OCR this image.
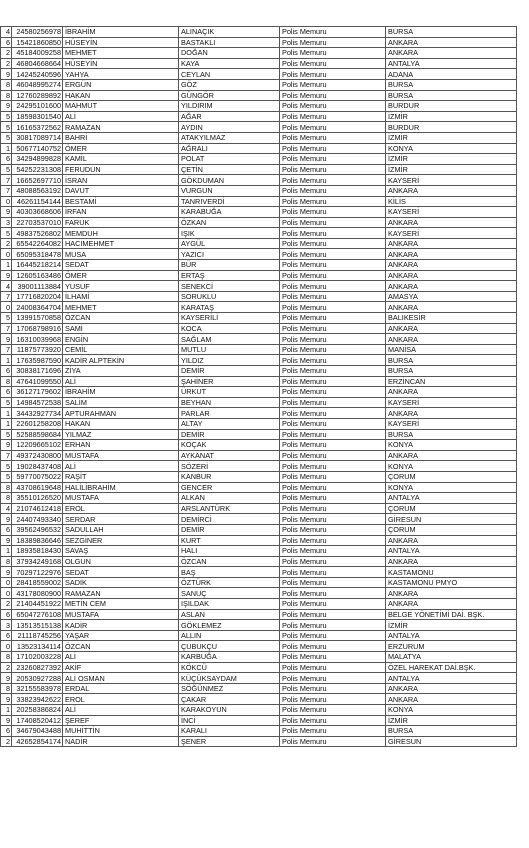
4	24580256978	İBRAHİM	ALINAÇIK	Polis Memuru	BURSA
6	15421860850	HÜSEYİN	BASTAKLI	Polis Memuru	ANKARA
2	45184009258	MEHMET	DOĞAN	Polis Memuru	ANKARA
2	46804668664	HÜSEYİN	KAYA	Polis Memuru	ANTALYA
9	14245240596	YAHYA	CEYLAN	Polis Memuru	ADANA
8	46048995274	ERGÜN	GÖZ	Polis Memuru	BURSA
8	12760289892	HAKAN	GÜNGÖR	Polis Memuru	BURSA
9	24295101600	MAHMUT	YILDIRIM	Polis Memuru	BURDUR
5	18598301540	ALİ	AĞAR	Polis Memuru	İZMİR
5	16165372562	RAMAZAN	AYDIN	Polis Memuru	BURDUR
5	30817089714	BAHRİ	ATAKYILMAZ	Polis Memuru	İZMİR
1	50677140752	ÖMER	AĞRALI	Polis Memuru	KONYA
6	34294899828	KAMİL	POLAT	Polis Memuru	İZMİR
5	54252231308	FERUDUN	ÇETİN	Polis Memuru	İZMİR
7	16652697710	İSRAN	GÖKDUMAN	Polis Memuru	KAYSERİ
7	48088563192	DAVUT	VURGUN	Polis Memuru	ANKARA
0	46261154144	BESTAMİ	TANRIVERDİ	Polis Memuru	KİLİS
9	40303668606	İRFAN	KARABUĞA	Polis Memuru	KAYSERİ
3	22703537010	FARUK	ÖZKAN	Polis Memuru	ANKARA
5	49837526802	MEMDUH	IŞIK	Polis Memuru	KAYSERİ
2	65542264082	HACIMEHMET	AYGÜL	Polis Memuru	ANKARA
0	65095318478	MUSA	YAZICI	Polis Memuru	ANKARA
1	16445218214	SEDAT	BÜR	Polis Memuru	ANKARA
9	12605163486	ÖMER	ERTAŞ	Polis Memuru	ANKARA
4	39001113884	YUSUF	SENEKCİ	Polis Memuru	ANKARA
7	17716820204	İLHAMİ	SORUKLU	Polis Memuru	AMASYA
0	24008364704	MEHMET	KARATAŞ	Polis Memuru	ANKARA
5	13991570858	ÖZCAN	KAYSERİLİ	Polis Memuru	BALIKESİR
7	17068798916	SAMİ	KOCA	Polis Memuru	ANKARA
9	16310039968	ENGİN	SAĞLAM	Polis Memuru	ANKARA
7	11875773920	CEMİL	MUTLU	Polis Memuru	MANİSA
1	17635987590	KADİR ALPTEKİN	YILDIZ	Polis Memuru	BURSA
6	30838171696	ZİYA	DEMİR	Polis Memuru	BURSA
8	47641099550	ALİ	ŞAHİNER	Polis Memuru	ERZİNCAN
6	36127179602	İBRAHİM	ÜRKUT	Polis Memuru	ANKARA
5	14984572538	SALİM	BEYHAN	Polis Memuru	KAYSERİ
1	34432927734	APTURAHMAN	PARLAR	Polis Memuru	ANKARA
1	22601258208	HAKAN	ALTAY	Polis Memuru	KAYSERİ
5	52588598684	YILMAZ	DEMİR	Polis Memuru	BURSA
9	12209665102	ERHAN	KOÇAK	Polis Memuru	KONYA
7	49372430800	MUSTAFA	AYKANAT	Polis Memuru	ANKARA
5	19028437408	ALİ	SÖZERİ	Polis Memuru	KONYA
5	59770075022	RAŞİT	KANBUR	Polis Memuru	ÇORUM
8	43708619648	HALİLİBRAHİM	GENCER	Polis Memuru	KONYA
8	35510126520	MUSTAFA	ALKAN	Polis Memuru	ANTALYA
4	21074612418	EROL	ARSLANTÜRK	Polis Memuru	ÇORUM
9	24407493340	SERDAR	DEMİRCİ	Polis Memuru	GİRESUN
6	39562496532	SADULLAH	DEMİR	Polis Memuru	ÇORUM
9	18389836646	SEZGİNER	KURT	Polis Memuru	ANKARA
1	18935818430	SAVAŞ	HALI	Polis Memuru	ANTALYA
8	37934249168	OLGUN	ÖZCAN	Polis Memuru	ANKARA
9	70297122976	SEDAT	BAŞ	Polis Memuru	KASTAMONU
0	28418559002	SADIK	ÖZTÜRK	Polis Memuru	KASTAMONU PMYO
0	43178080900	RAMAZAN	SANUÇ	Polis Memuru	ANKARA
2	21404451922	METİN CEM	IŞILDAK	Polis Memuru	ANKARA
6	65047276108	MUSTAFA	ASLAN	Polis Memuru	BELGE YÖNETİMİ DAİ. BŞK.
3	13513515138	KADİR	GÖKLEMEZ	Polis Memuru	İZMİR
6	21118745256	YAŞAR	ALLIN	Polis Memuru	ANTALYA
0	13523134114	ÖZCAN	ÇUBUKÇU	Polis Memuru	ERZURUM
8	17102003228	ALİ	KARBUĞA	Polis Memuru	MALATYA
2	23260827392	AKİF	KÖKCÜ	Polis Memuru	ÖZEL HAREKAT DAİ.BŞK.
9	20530927288	ALİ OSMAN	KÜÇÜKSAYDAM	Polis Memuru	ANTALYA
8	32155583978	ERDAL	SÖĞÜNMEZ	Polis Memuru	ANKARA
9	33823942622	EROL	ÇAKAR	Polis Memuru	ANKARA
1	20258386824	ALİ	KARAKOYUN	Polis Memuru	KONYA
9	17408520412	ŞEREF	İNCİ	Polis Memuru	İZMİR
6	34679043488	MUHİTTİN	KARALI	Polis Memuru	BURSA
2	42652854174	NADİR	ŞENER	Polis Memuru	GİRESUN
